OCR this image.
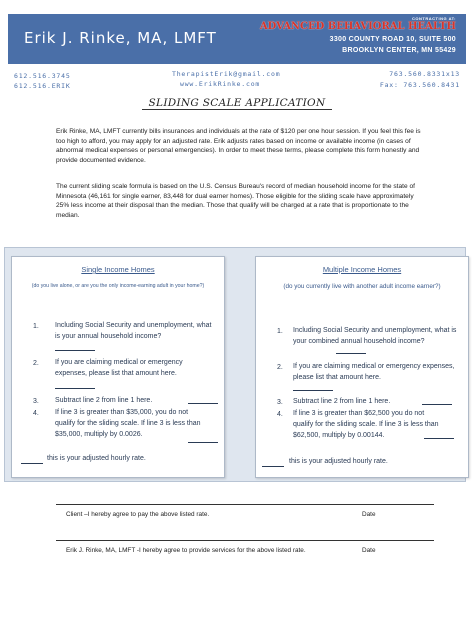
Erik J. Rinke, MA, LMFT
CONTRACTING AT:
ADVANCED BEHAVIORAL HEALTH
3300 COUNTY ROAD 10, SUITE 500
BROOKLYN CENTER, MN 55429
612.516.3745
612.516.ERIK
TherapistErik@gmail.com
www.ErikRinke.com
763.560.8331x13
Fax: 763.560.8431
SLIDING SCALE APPLICATION
Erik Rinke, MA, LMFT currently bills insurances and individuals at the rate of $120 per one hour session. If you feel this fee is too high to afford, you may apply for an adjusted rate. Erik adjusts rates based on income or available income (in cases of abnormal medical expenses or personal emergencies). In order to meet these terms, please complete this form honestly and provide documented evidence.
The current sliding scale formula is based on the U.S. Census Bureau's record of median household income for the state of Minnesota (46,161 for single earner, 83,448 for dual earner homes). Those eligible for the sliding scale have approximately 25% less income at their disposal than the median. Those that qualify will be charged at a rate that is proportionate to the median.
Single Income Homes
(do you live alone, or are you the only income-earning adult in your home?)
1. Including Social Security and unemployment, what is your annual household income?
2. If you are claiming medical or emergency expenses, please list that amount here.
3. Subtract line 2 from line 1 here.
4. If line 3 is greater than $35,000, you do not qualify for the sliding scale. If line 3 is less than $35,000, multiply by 0.0026.
this is your adjusted hourly rate.
Multiple Income Homes
(do you currently live with another adult income earner?)
1. Including Social Security and unemployment, what is your combined annual household income?
2. If you are claiming medical or emergency expenses, please list that amount here.
3. Subtract line 2 from line 1 here.
4. If line 3 is greater than $62,500 you do not qualify for the sliding scale. If line 3 is less than $62,500, multiply by 0.00144.
this is your adjusted hourly rate.
Client –I hereby agree to pay the above listed rate.	Date
Erik J. Rinke, MA, LMFT -I hereby agree to provide services for the above listed rate.	Date
